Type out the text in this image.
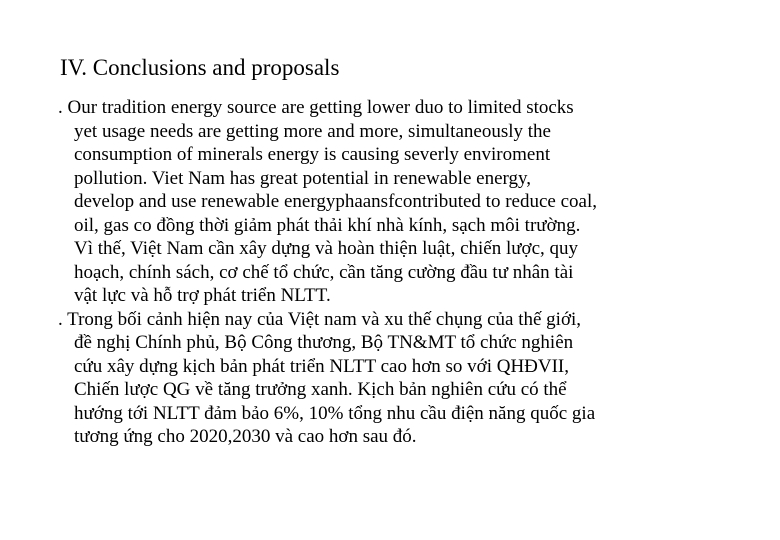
IV. Conclusions and proposals
. Our tradition energy source are getting lower duo to limited stocks
yet usage needs are getting more and more, simultaneously the
consumption of minerals energy is causing severly enviroment
pollution. Viet Nam has great potential in renewable energy,
develop and use renewable energyphaansfcontributed to reduce coal,
oil, gas co đồng thời giảm phát thải khí nhà kính, sạch môi trường.
Vì thế, Việt Nam cần xây dựng và hoàn thiện luật, chiến lược, quy
hoạch, chính sách, cơ chế tổ chức, cần tăng cường đầu tư nhân tài
vật lực và hỗ trợ phát triển NLTT.
. Trong bối cảnh hiện nay của Việt nam và xu thế chụng của thế giới,
đề nghị Chính phủ, Bộ Công thương, Bộ TN&MT tổ chức nghiên
cứu xây dựng kịch bản phát triển NLTT cao hơn so với QHĐVII,
Chiến lược QG về tăng trưởng xanh. Kịch bản nghiên cứu có thể
hướng tới NLTT đảm bảo 6%, 10% tổng nhu cầu điện năng quốc gia
tương ứng cho 2020,2030 và cao hơn sau đó.
